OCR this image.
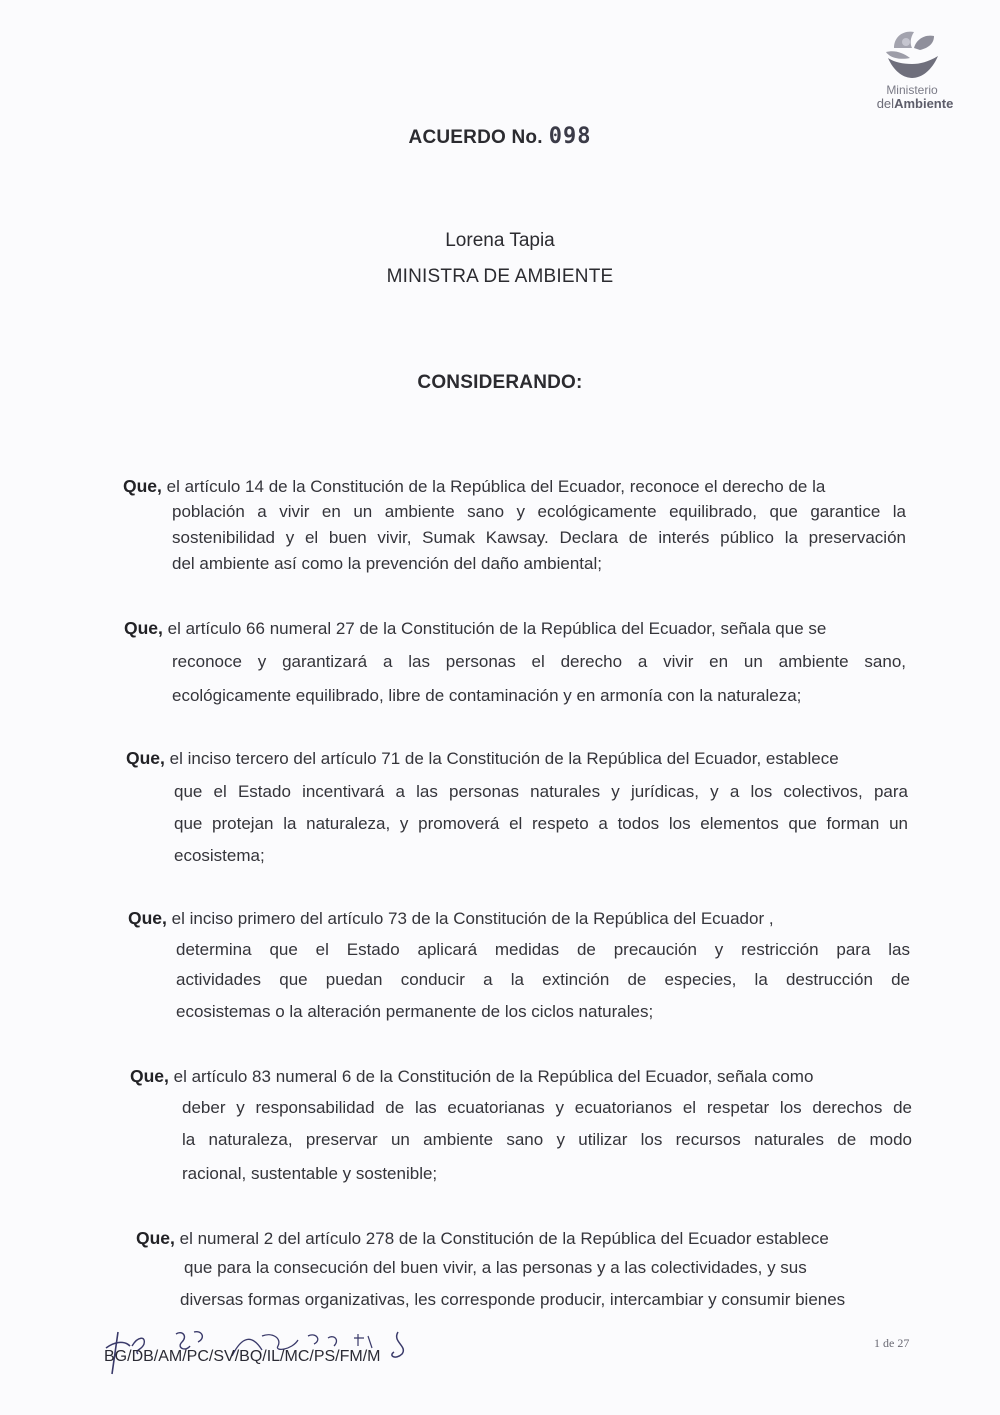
Ministerio
delAmbiente
ACUERDO No. 098
Lorena Tapia
MINISTRA DE AMBIENTE
CONSIDERANDO:
Que, el artículo 14 de la Constitución de la República del Ecuador, reconoce el derecho de la
población a vivir en un ambiente sano y ecológicamente equilibrado, que garantice la
sostenibilidad y el buen vivir, Sumak Kawsay. Declara de interés público la preservación
del ambiente así como la prevención del daño ambiental;
Que, el artículo 66 numeral 27 de la Constitución de la República del Ecuador, señala que se
reconoce y garantizará a las personas el derecho a vivir en un ambiente sano,
ecológicamente equilibrado, libre de contaminación y en armonía con la naturaleza;
Que, el inciso tercero del artículo 71 de la Constitución de la República del Ecuador, establece
que el Estado incentivará a las personas naturales y jurídicas, y a los colectivos, para
que protejan la naturaleza, y promoverá el respeto a todos los elementos que forman un
ecosistema;
Que, el inciso primero del artículo 73 de la Constitución de la República del Ecuador ,
determina que el Estado aplicará medidas de precaución y restricción para las
actividades que puedan conducir a la extinción de especies, la destrucción de
ecosistemas o la alteración permanente de los ciclos naturales;
Que, el artículo 83 numeral 6 de la Constitución de la República del Ecuador, señala como
deber y responsabilidad de las ecuatorianas y ecuatorianos el respetar los derechos de
la naturaleza, preservar un ambiente sano y utilizar los recursos naturales de modo
racional, sustentable y sostenible;
Que, el numeral 2 del artículo 278 de la Constitución de la República del Ecuador establece
que para la consecución del buen vivir, a las personas y a las colectividades, y sus
diversas formas organizativas, les corresponde producir, intercambiar y consumir bienes
BG/DB/AM/PC/SV/BQ/IL/MC/PS/FM/M
1 de 27
